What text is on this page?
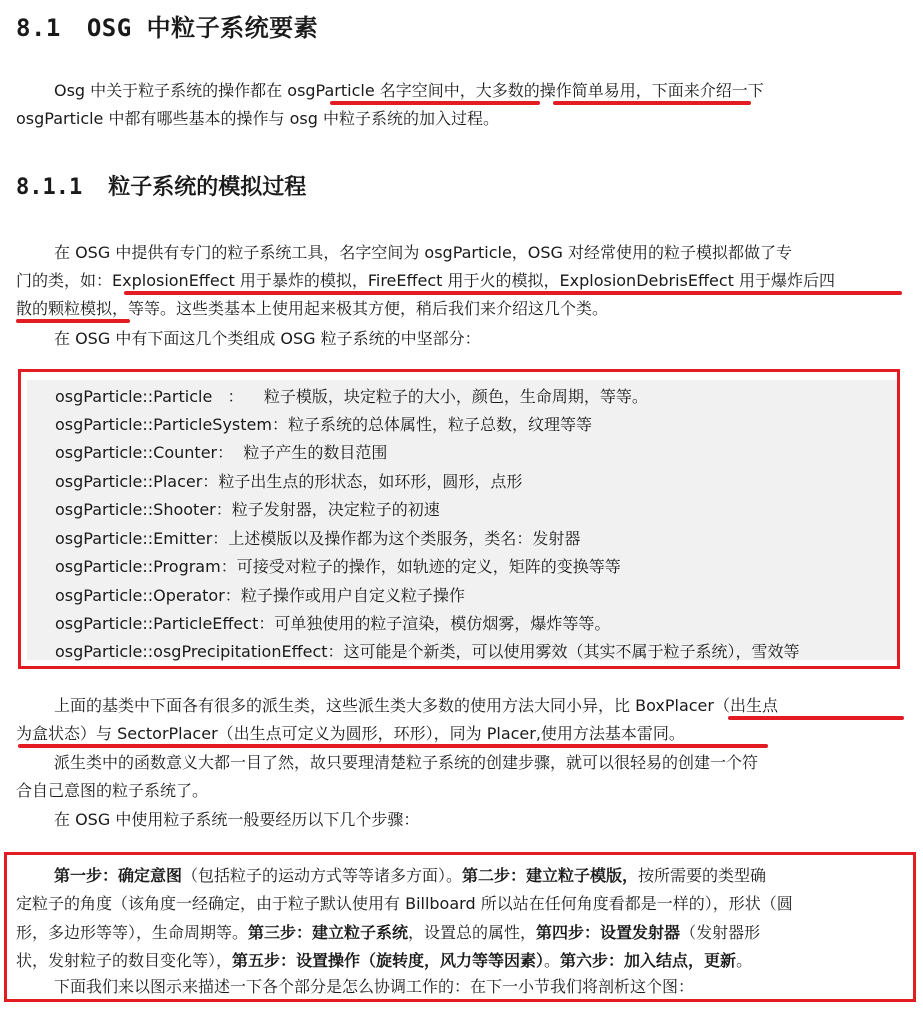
8.1 OSG 中粒子系统要素
Osg 中关于粒子系统的操作都在 osgParticle 名字空间中，大多数的操作简单易用，下面来介绍一下
osgParticle 中都有哪些基本的操作与 osg 中粒子系统的加入过程。
8.1.1 粒子系统的模拟过程
在 OSG 中提供有专门的粒子系统工具，名字空间为 osgParticle，OSG 对经常使用的粒子模拟都做了专
门的类，如：ExplosionEffect 用于暴炸的模拟，FireEffect 用于火的模拟，ExplosionDebrisEffect 用于爆炸后四
散的颗粒模拟，等等。这些类基本上使用起来极其方便，稍后我们来介绍这几个类。
在 OSG 中有下面这几个类组成 OSG 粒子系统的中坚部分：
osgParticle::Particle   ：    粒子模版，块定粒子的大小，颜色，生命周期，等等。
osgParticle::ParticleSystem：粒子系统的总体属性，粒子总数，纹理等等
osgParticle::Counter：  粒子产生的数目范围
osgParticle::Placer：粒子出生点的形状态，如环形，圆形，点形
osgParticle::Shooter：粒子发射器，决定粒子的初速
osgParticle::Emitter：上述模版以及操作都为这个类服务，类名：发射器
osgParticle::Program：可接受对粒子的操作，如轨迹的定义，矩阵的变换等等
osgParticle::Operator：粒子操作或用户自定义粒子操作
osgParticle::ParticleEffect：可单独使用的粒子渲染，模仿烟雾，爆炸等等。
osgParticle::osgPrecipitationEffect：这可能是个新类，可以使用雾效（其实不属于粒子系统），雪效等
上面的基类中下面各有很多的派生类，这些派生类大多数的使用方法大同小异，比 BoxPlacer（出生点
为盒状态）与 SectorPlacer（出生点可定义为圆形，环形），同为 Placer,使用方法基本雷同。
派生类中的函数意义大都一目了然，故只要理清楚粒子系统的创建步骤，就可以很轻易的创建一个符
合自己意图的粒子系统了。
在 OSG 中使用粒子系统一般要经历以下几个步骤：
第一步：确定意图（包括粒子的运动方式等等诸多方面）。第二步：建立粒子模版，按所需要的类型确
定粒子的角度（该角度一经确定，由于粒子默认使用有 Billboard 所以站在任何角度看都是一样的），形状（圆
形，多边形等等），生命周期等。第三步：建立粒子系统，设置总的属性，第四步：设置发射器（发射器形
状，发射粒子的数目变化等），第五步：设置操作（旋转度，风力等等因素）。第六步：加入结点，更新。
下面我们来以图示来描述一下各个部分是怎么协调工作的：在下一小节我们将剖析这个图：
